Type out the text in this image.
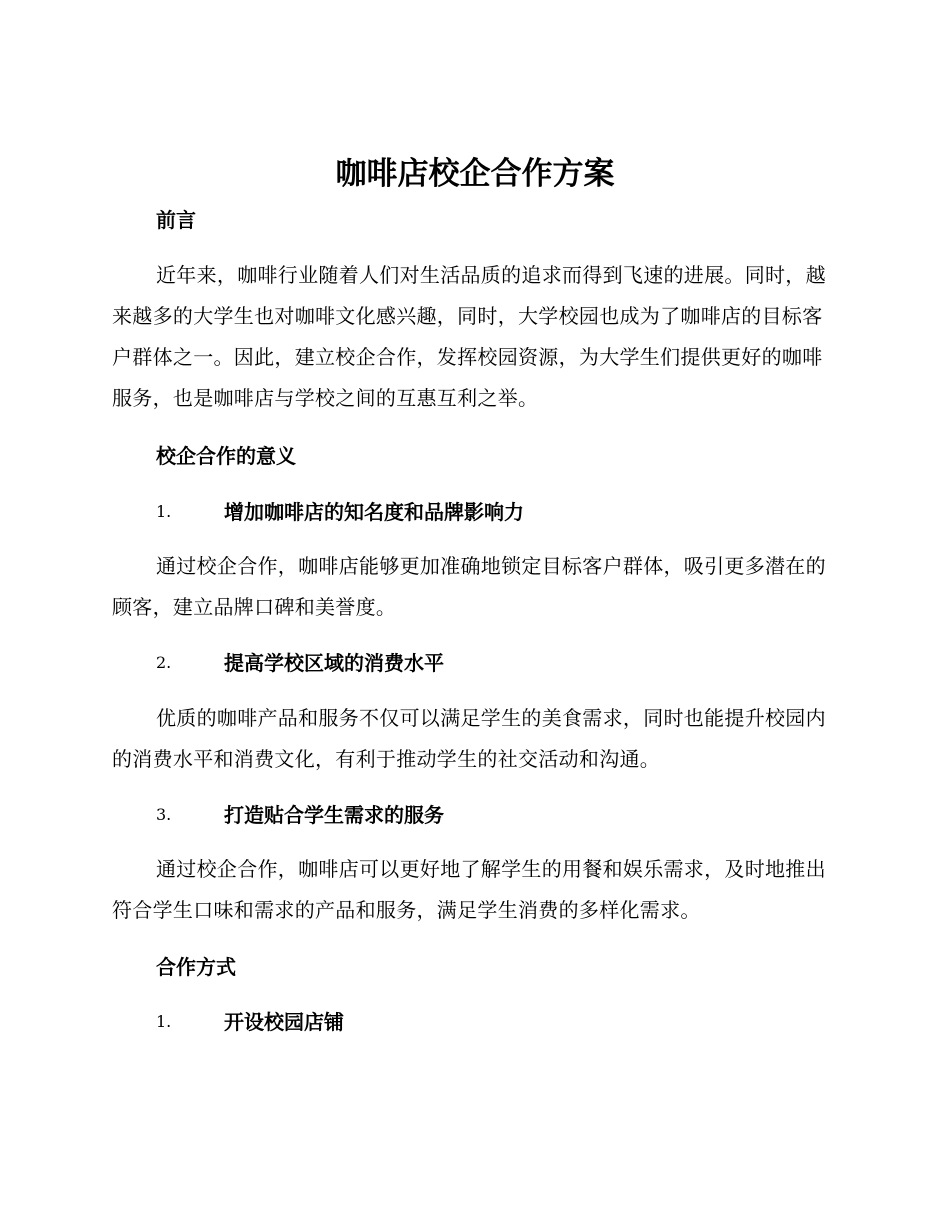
咖啡店校企合作方案
前言

近年来，咖啡行业随着人们对生活品质的追求而得到飞速的进展。同时，越来越多的大学生也对咖啡文化感兴趣，同时，大学校园也成为了咖啡店的目标客户群体之一。因此，建立校企合作，发挥校园资源，为大学生们提供更好的咖啡服务，也是咖啡店与学校之间的互惠互利之举。

校企合作的意义
1.	增加咖啡店的知名度和品牌影响力

通过校企合作，咖啡店能够更加准确地锁定目标客户群体，吸引更多潜在的顾客，建立品牌口碑和美誉度。

2.	提高学校区域的消费水平

优质的咖啡产品和服务不仅可以满足学生的美食需求，同时也能提升校园内的消费水平和消费文化，有利于推动学生的社交活动和沟通。

3.	打造贴合学生需求的服务

通过校企合作，咖啡店可以更好地了解学生的用餐和娱乐需求，及时地推出符合学生口味和需求的产品和服务，满足学生消费的多样化需求。

合作方式
1.	开设校园店铺
